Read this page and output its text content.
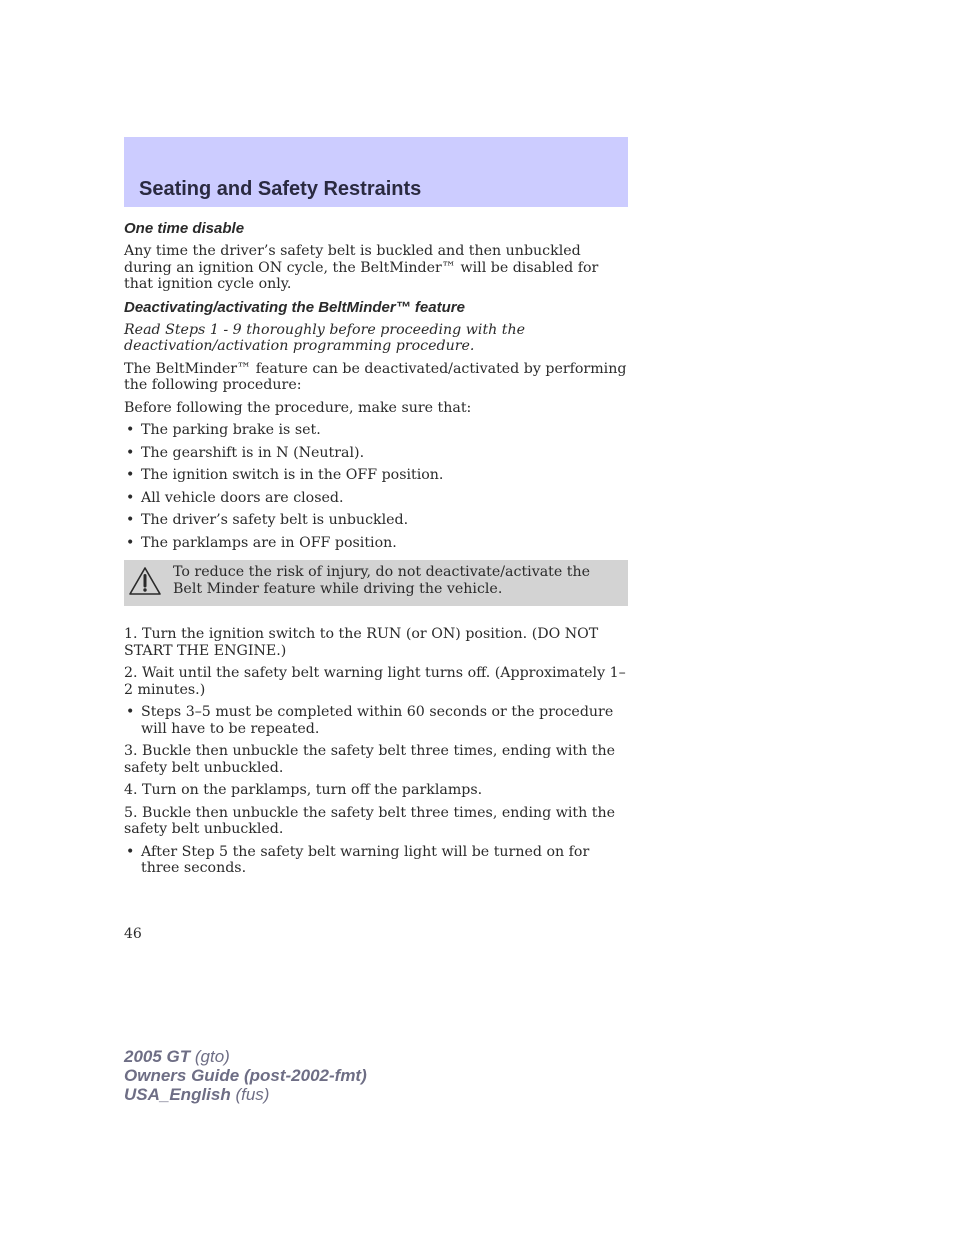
Seating and Safety Restraints
One time disable

Any time the driver’s safety belt is buckled and then unbuckled during an ignition ON cycle, the BeltMinder™ will be disabled for that ignition cycle only.

Deactivating/activating the BeltMinder™ feature

Read Steps 1 - 9 thoroughly before proceeding with the deactivation/activation programming procedure.

The BeltMinder™ feature can be deactivated/activated by performing the following procedure:

Before following the procedure, make sure that:

• The parking brake is set.
• The gearshift is in N (Neutral).
• The ignition switch is in the OFF position.
• All vehicle doors are closed.
• The driver’s safety belt is unbuckled.
• The parklamps are in OFF position.

To reduce the risk of injury, do not deactivate/activate the Belt Minder feature while driving the vehicle.

1. Turn the ignition switch to the RUN (or ON) position. (DO NOT START THE ENGINE.)

2. Wait until the safety belt warning light turns off. (Approximately 1–2 minutes.)

• Steps 3–5 must be completed within 60 seconds or the procedure will have to be repeated.

3. Buckle then unbuckle the safety belt three times, ending with the safety belt unbuckled.

4. Turn on the parklamps, turn off the parklamps.

5. Buckle then unbuckle the safety belt three times, ending with the safety belt unbuckled.

• After Step 5 the safety belt warning light will be turned on for three seconds.

46

2005 GT (gto)
Owners Guide (post-2002-fmt)
USA_English (fus)
